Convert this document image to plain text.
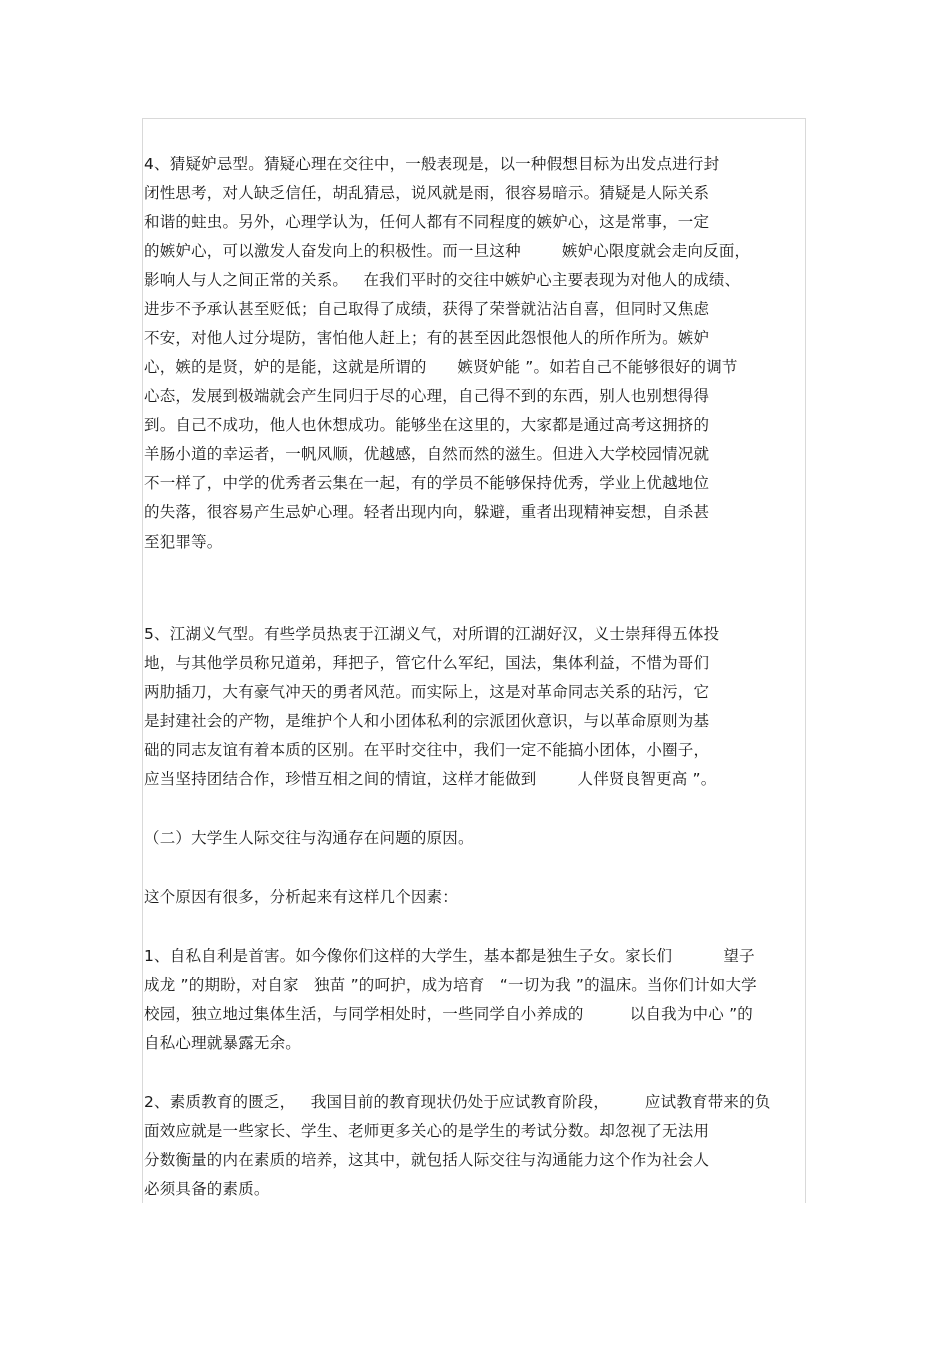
4、猜疑妒忌型。猜疑心理在交往中，一般表现是，以一种假想目标为出发点进行封
闭性思考，对人缺乏信任，胡乱猜忌，说风就是雨，很容易暗示。猜疑是人际关系
和谐的蛀虫。另外，心理学认为，任何人都有不同程度的嫉妒心，这是常事，一定
的嫉妒心，可以激发人奋发向上的积极性。而一旦这种        嫉妒心限度就会走向反面，
影响人与人之间正常的关系。   在我们平时的交往中嫉妒心主要表现为对他人的成绩、
进步不予承认甚至贬低；自己取得了成绩，获得了荣誉就沾沾自喜，但同时又焦虑
不安，对他人过分堤防，害怕他人赶上；有的甚至因此怨恨他人的所作所为。嫉妒
心，嫉的是贤，妒的是能，这就是所谓的      嫉贤妒能 ”。如若自己不能够很好的调节
心态，发展到极端就会产生同归于尽的心理，自己得不到的东西，别人也别想得得
到。自己不成功，他人也休想成功。能够坐在这里的，大家都是通过高考这拥挤的
羊肠小道的幸运者，一帆风顺，优越感，自然而然的滋生。但进入大学校园情况就
不一样了，中学的优秀者云集在一起，有的学员不能够保持优秀，学业上优越地位
的失落，很容易产生忌妒心理。轻者出现内向，躲避，重者出现精神妄想，自杀甚
至犯罪等。
5、江湖义气型。有些学员热衷于江湖义气，对所谓的江湖好汉，义士崇拜得五体投
地，与其他学员称兄道弟，拜把子，管它什么军纪，国法，集体利益，不惜为哥们
两肋插刀，大有豪气冲天的勇者风范。而实际上，这是对革命同志关系的玷污，它
是封建社会的产物，是维护个人和小团体私利的宗派团伙意识，与以革命原则为基
础的同志友谊有着本质的区别。在平时交往中，我们一定不能搞小团体，小圈子，
应当坚持团结合作，珍惜互相之间的情谊，这样才能做到        人伴贤良智更高 ”。
（二）大学生人际交往与沟通存在问题的原因。
这个原因有很多，分析起来有这样几个因素：
1、自私自利是首害。如今像你们这样的大学生，基本都是独生子女。家长们          望子
成龙 ”的期盼，对自家   独苗 ”的呵护，成为培育   “一切为我 ”的温床。当你们计如大学
校园，独立地过集体生活，与同学相处时，一些同学自小养成的         以自我为中心 ”的
自私心理就暴露无余。
2、素质教育的匮乏，   我国目前的教育现状仍处于应试教育阶段，       应试教育带来的负
面效应就是一些家长、学生、老师更多关心的是学生的考试分数。却忽视了无法用
分数衡量的内在素质的培养，这其中，就包括人际交往与沟通能力这个作为社会人
必须具备的素质。
